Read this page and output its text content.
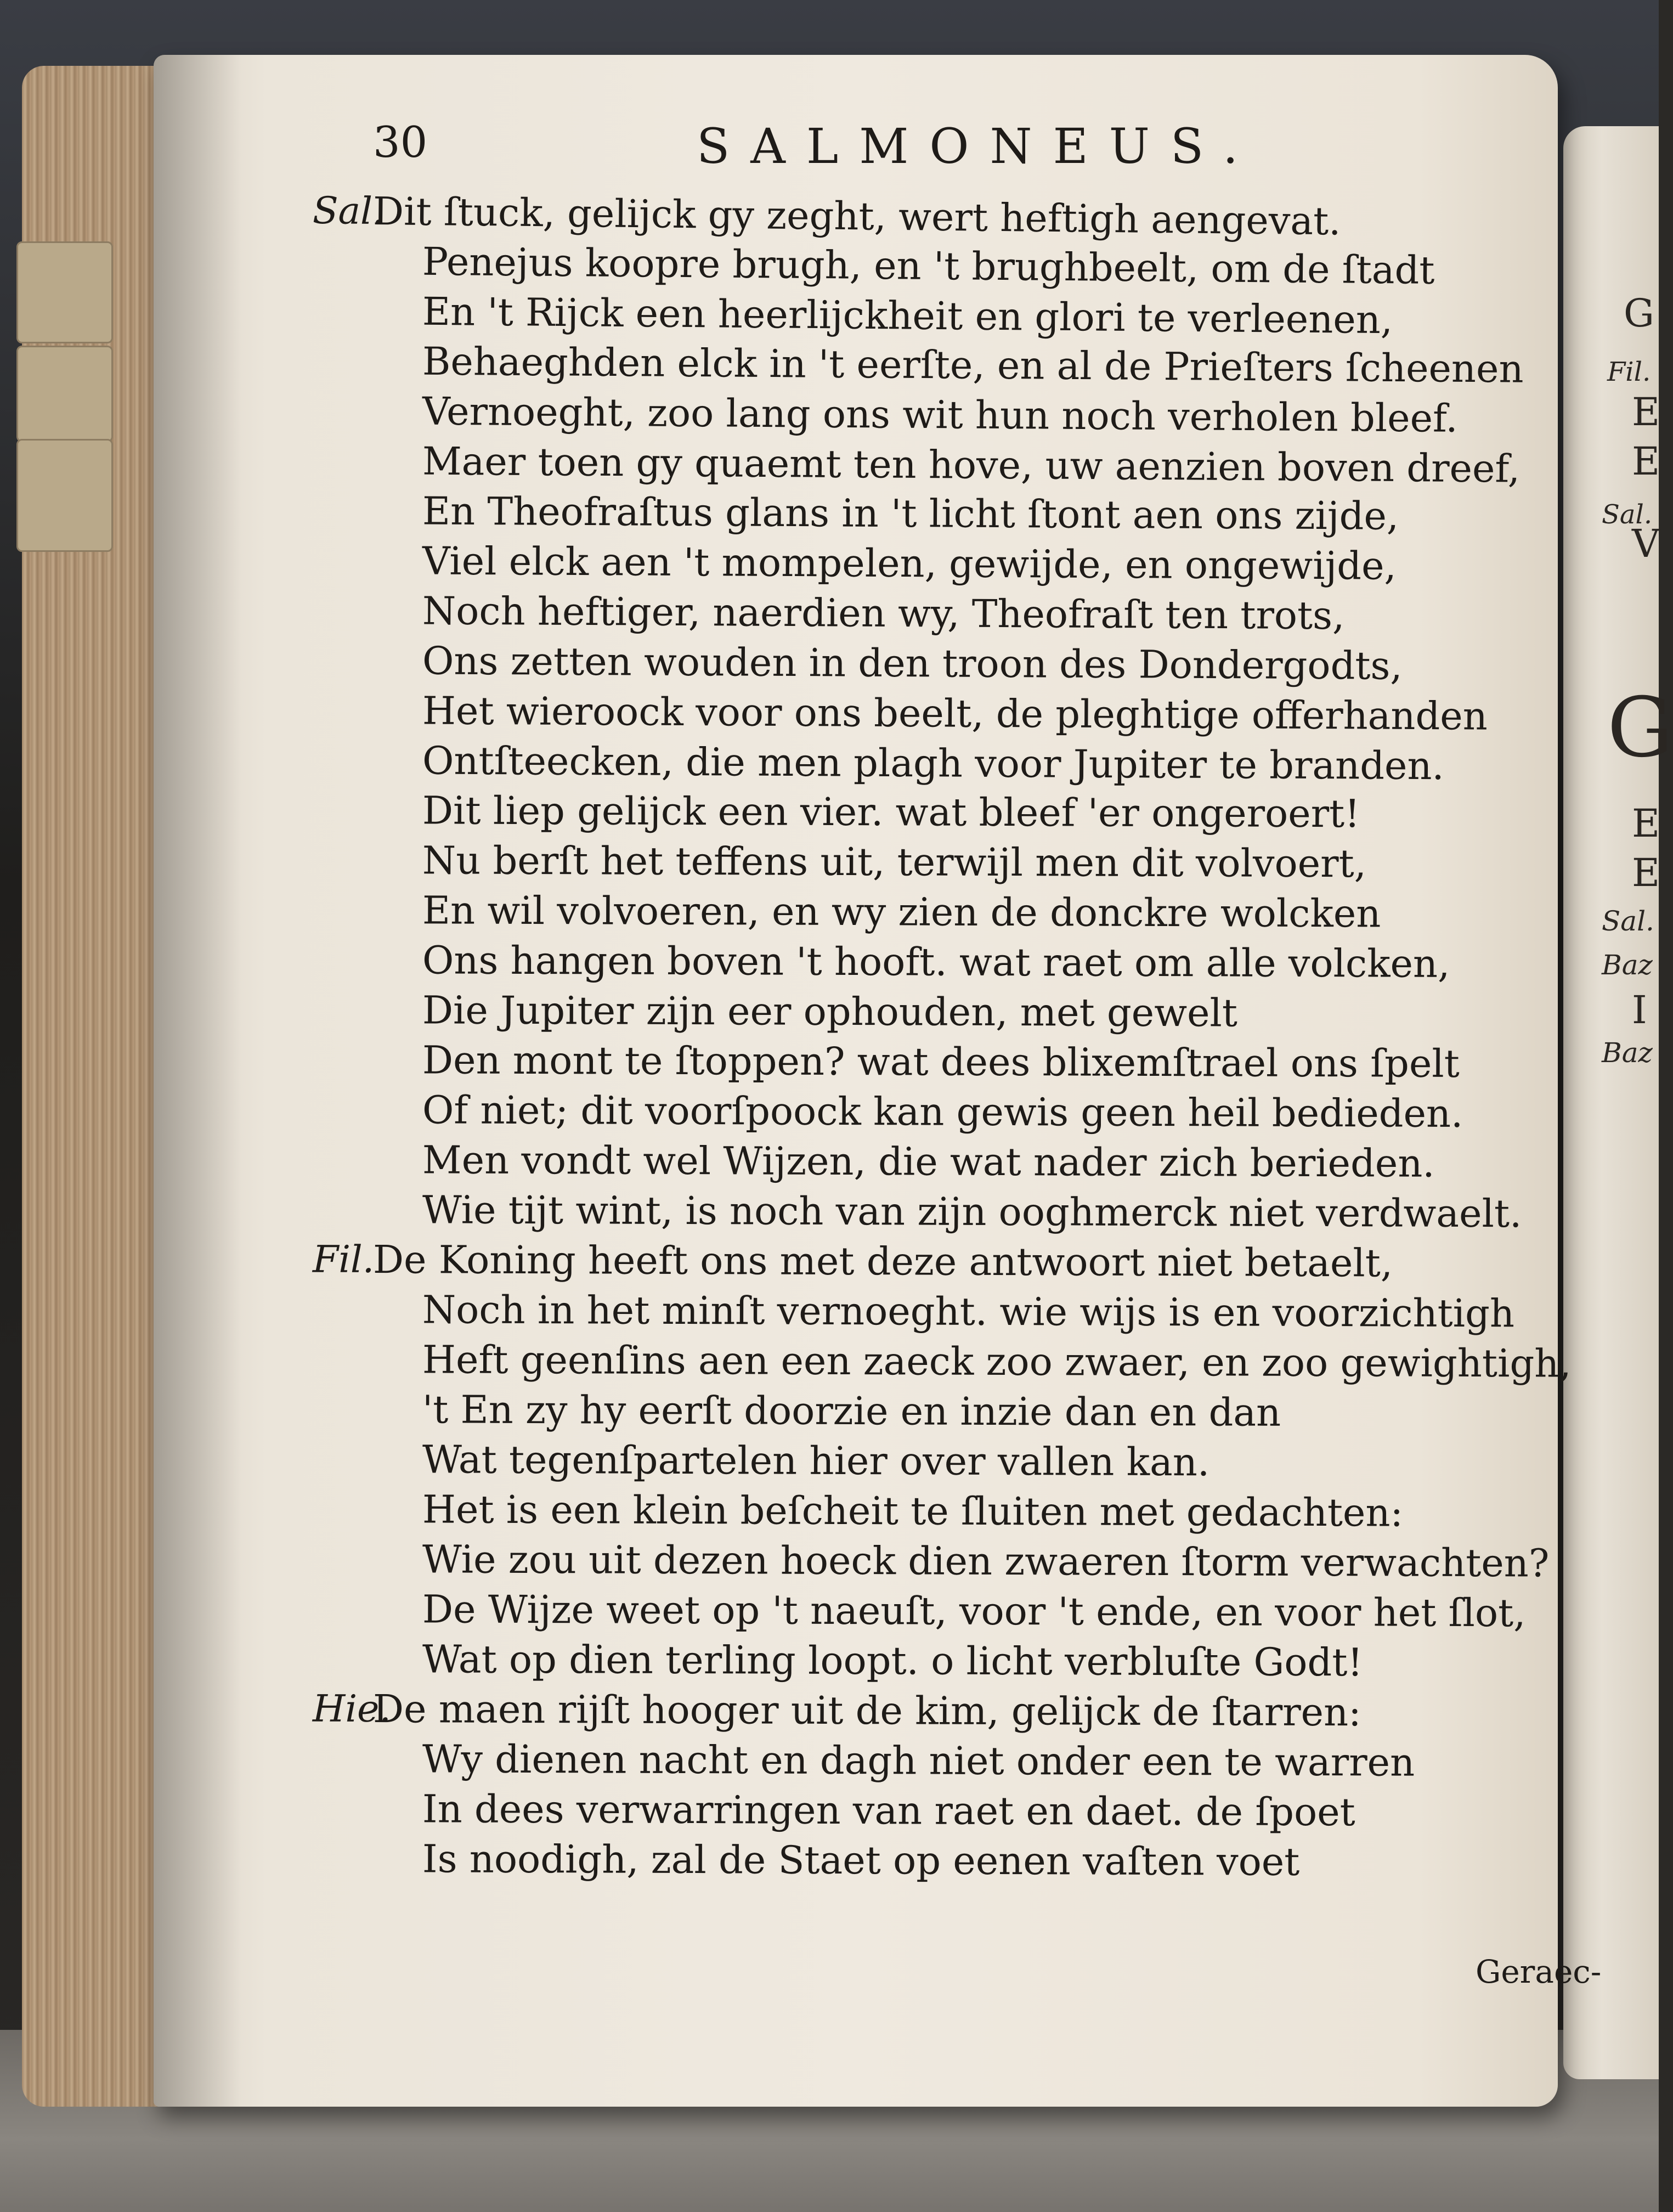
G
Fil.
E
E
Sal.
V
G
E
E
Sal.
Baz
I
Baz
30	SALMONEUS.
Sal.
Dit ſtuck, gelijck gy zeght, wert heftigh aengevat.
Penejus koopre brugh, en 't brughbeelt, om de ſtadt
En 't Rijck een heerlijckheit en glori te verleenen,
Behaeghden elck in 't eerſte, en al de Prieſters ſcheenen
Vernoeght, zoo lang ons wit hun noch verholen bleef.
Maer toen gy quaemt ten hove, uw aenzien boven dreef,
En Theofraſtus glans in 't licht ſtont aen ons zijde,
Viel elck aen 't mompelen, gewijde, en ongewijde,
Noch heftiger, naerdien wy, Theofraſt ten trots,
Ons zetten wouden in den troon des Dondergodts,
Het wieroock voor ons beelt, de pleghtige offerhanden
Ontſteecken, die men plagh voor Jupiter te branden.
Dit liep gelijck een vier. wat bleef 'er ongeroert!
Nu berſt het teffens uit, terwijl men dit volvoert,
En wil volvoeren, en wy zien de donckre wolcken
Ons hangen boven 't hooft. wat raet om alle volcken,
Die Jupiter zijn eer ophouden, met gewelt
Den mont te ſtoppen? wat dees blixemſtrael ons ſpelt
Of niet; dit voorſpoock kan gewis geen heil bedieden.
Men vondt wel Wijzen, die wat nader zich berieden.
Wie tijt wint, is noch van zijn ooghmerck niet verdwaelt.
Fil.
De Koning heeft ons met deze antwoort niet betaelt,
Noch in het minſt vernoeght. wie wijs is en voorzichtigh
Heft geenſins aen een zaeck zoo zwaer, en zoo gewightigh,
't En zy hy eerſt doorzie en inzie dan en dan
Wat tegenſpartelen hier over vallen kan.
Het is een klein beſcheit te ſluiten met gedachten:
Wie zou uit dezen hoeck dien zwaeren ſtorm verwachten?
De Wijze weet op 't naeuſt, voor 't ende, en voor het ſlot,
Wat op dien terling loopt. o licht verbluſte Godt!
Hie.
De maen rijſt hooger uit de kim, gelijck de ſtarren:
Wy dienen nacht en dagh niet onder een te warren
In dees verwarringen van raet en daet. de ſpoet
Is noodigh, zal de Staet op eenen vaſten voet
Geraec-
